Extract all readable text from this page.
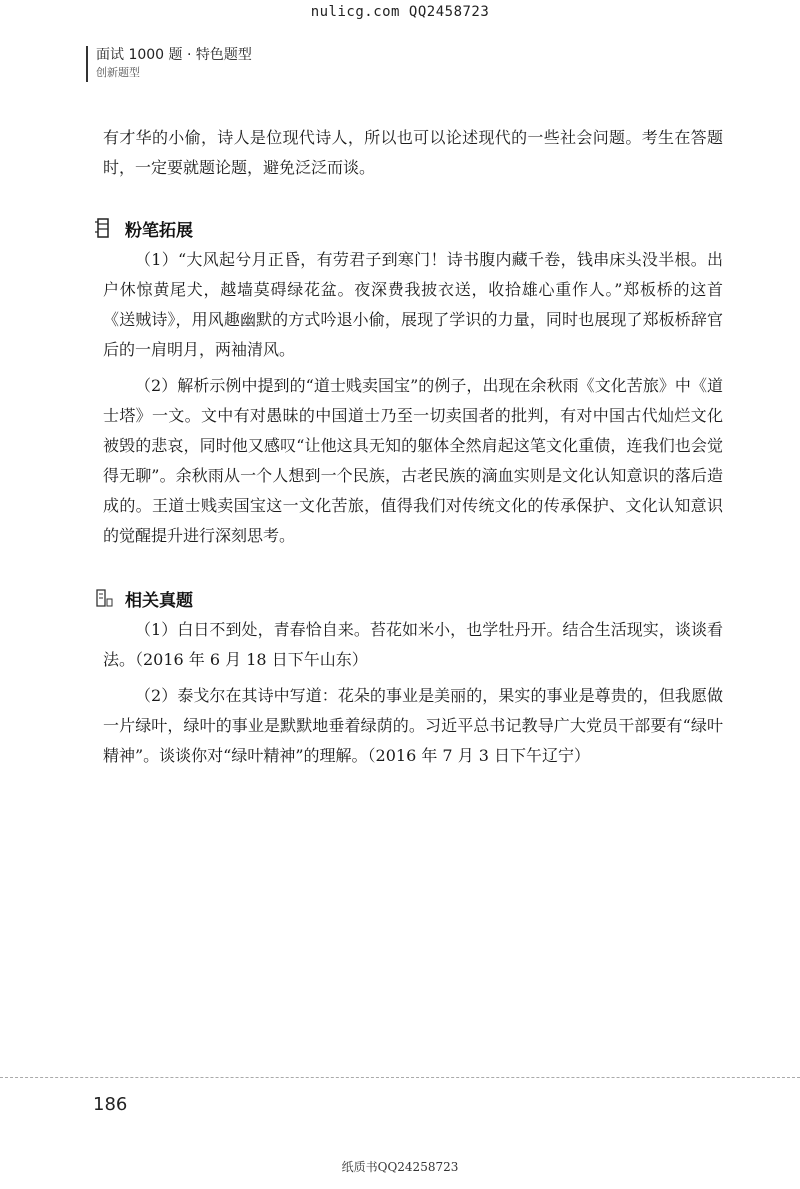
nulicg.com QQ2458723
面试 1000 题 · 特色题型
创新题型

有才华的小偷，诗人是位现代诗人，所以也可以论述现代的一些社会问题。考生在答题时，一定要就题论题，避免泛泛而谈。

粉笔拓展

（1）“大风起兮月正昏，有劳君子到寒门！诗书腹内藏千卷，钱串床头没半根。出户休惊黄尾犬，越墙莫碍绿花盆。夜深费我披衣送，收拾雄心重作人。”郑板桥的这首《送贼诗》，用风趣幽默的方式吟退小偷，展现了学识的力量，同时也展现了郑板桥辞官后的一肩明月，两袖清风。

（2）解析示例中提到的“道士贱卖国宝”的例子，出现在余秋雨《文化苦旅》中《道士塔》一文。文中有对愚昧的中国道士乃至一切卖国者的批判，有对中国古代灿烂文化被毁的悲哀，同时他又感叹“让他这具无知的躯体全然肩起这笔文化重债，连我们也会觉得无聊”。余秋雨从一个人想到一个民族，古老民族的滴血实则是文化认知意识的落后造成的。王道士贱卖国宝这一文化苦旅，值得我们对传统文化的传承保护、文化认知意识的觉醒提升进行深刻思考。

相关真题

（1）白日不到处，青春恰自来。苔花如米小，也学牡丹开。结合生活现实，谈谈看法。（2016 年 6 月 18 日下午山东）

（2）泰戈尔在其诗中写道：花朵的事业是美丽的，果实的事业是尊贵的，但我愿做一片绿叶，绿叶的事业是默默地垂着绿荫的。习近平总书记教导广大党员干部要有“绿叶精神”。谈谈你对“绿叶精神”的理解。（2016 年 7 月 3 日下午辽宁）

186
纸质书QQ24258723
